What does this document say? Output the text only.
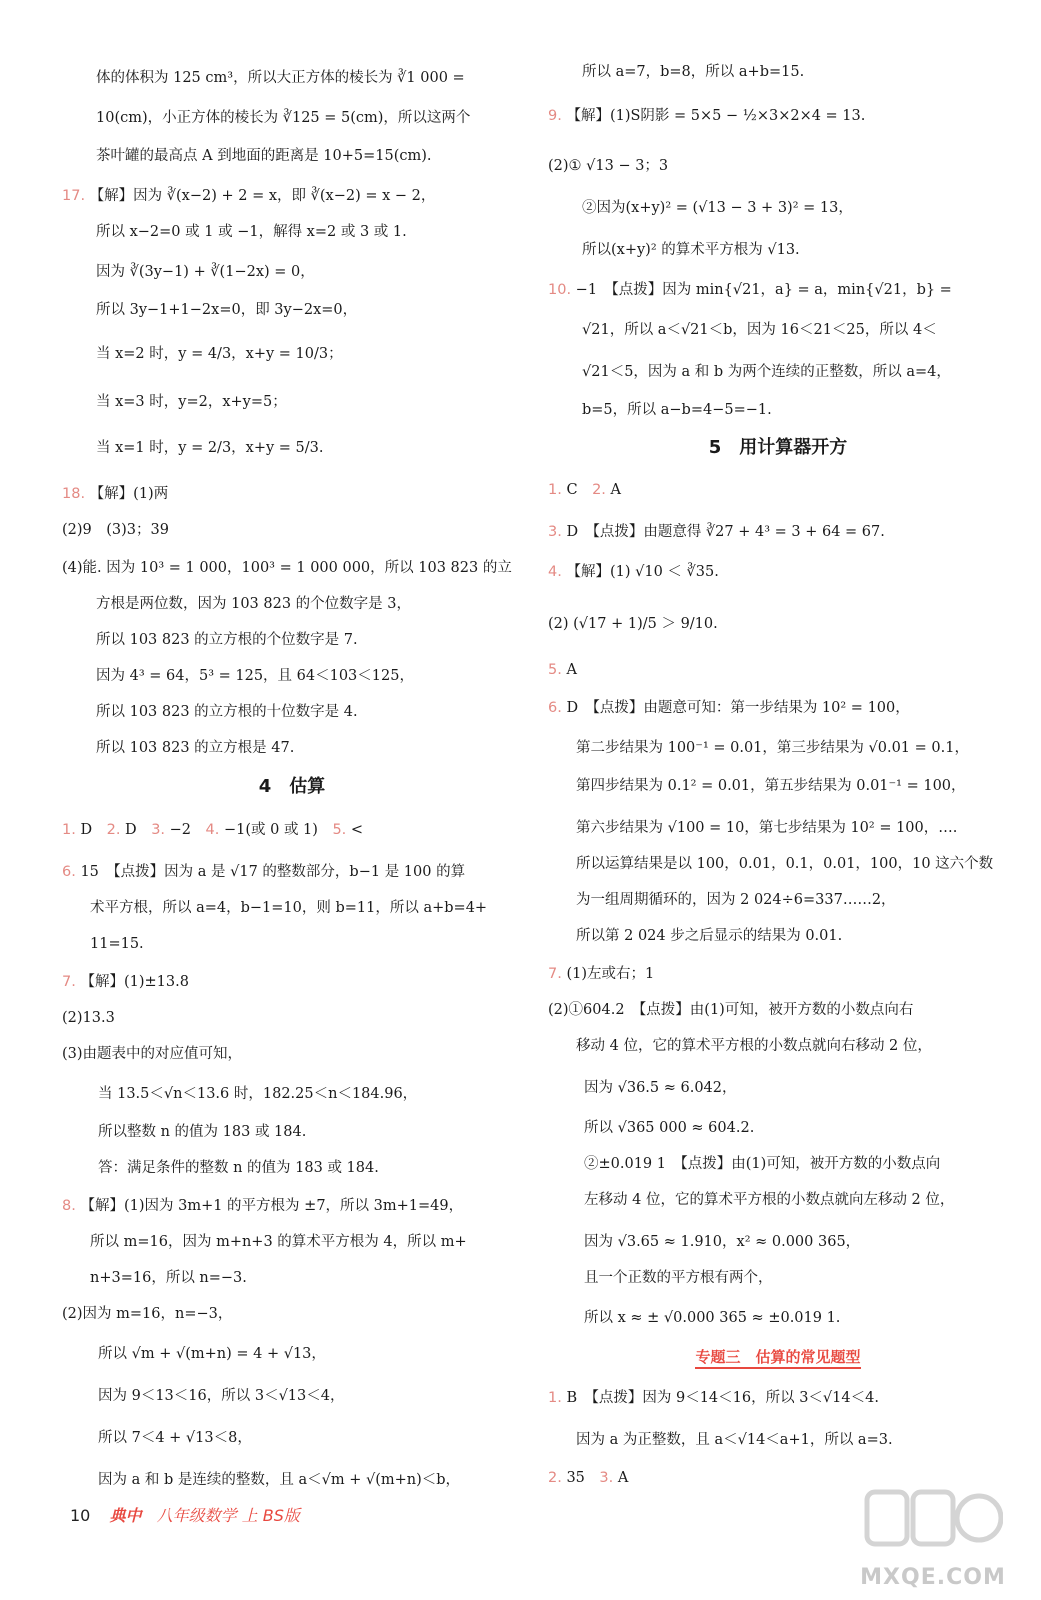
4　估算
体的体积为 125 cm³，所以大正方体的棱长为 ∛1 000 =
10(cm)，小正方体的棱长为 ∛125 = 5(cm)，所以这两个
茶叶罐的最高点 A 到地面的距离是 10+5=15(cm).
17. 【解】因为 ∛(x−2) + 2 = x，即 ∛(x−2) = x − 2，
所以 x−2=0 或 1 或 −1，解得 x=2 或 3 或 1.
因为 ∛(3y−1) + ∛(1−2x) = 0，
所以 3y−1+1−2x=0，即 3y−2x=0，
当 x=2 时，y = 4/3，x+y = 10/3；
当 x=3 时，y=2，x+y=5；
当 x=1 时，y = 2/3，x+y = 5/3.
18. 【解】(1)两
(2)9　(3)3；39
(4)能. 因为 10³ = 1 000，100³ = 1 000 000，所以 103 823 的立
方根是两位数，因为 103 823 的个位数字是 3，
所以 103 823 的立方根的个位数字是 7.
因为 4³ = 64，5³ = 125，且 64＜103＜125，
所以 103 823 的立方根的十位数字是 4.
所以 103 823 的立方根是 47.
1. D　2. D　3. −2　4. −1(或 0 或 1)　5. <
6. 15　【点拨】因为 a 是 √17 的整数部分，b−1 是 100 的算
术平方根，所以 a=4，b−1=10，则 b=11，所以 a+b=4+
11=15.
7. 【解】(1)±13.8
(2)13.3
(3)由题表中的对应值可知，
当 13.5＜√n＜13.6 时，182.25＜n＜184.96，
所以整数 n 的值为 183 或 184.
答：满足条件的整数 n 的值为 183 或 184.
8. 【解】(1)因为 3m+1 的平方根为 ±7，所以 3m+1=49，
所以 m=16，因为 m+n+3 的算术平方根为 4，所以 m+
n+3=16，所以 n=−3.
(2)因为 m=16，n=−3，
所以 √m + √(m+n) = 4 + √13，
因为 9＜13＜16，所以 3＜√13＜4，
所以 7＜4 + √13＜8，
因为 a 和 b 是连续的整数，且 a＜√m + √(m+n)＜b，
5　用计算器开方
专题三　估算的常见题型
所以 a=7，b=8，所以 a+b=15.
9. 【解】(1)S阴影 = 5×5 − ½×3×2×4 = 13.
(2)① √13 − 3；3
②因为(x+y)² = (√13 − 3 + 3)² = 13，
所以(x+y)² 的算术平方根为 √13.
10. −1　【点拨】因为 min{√21，a} = a，min{√21，b} =
√21，所以 a＜√21＜b，因为 16＜21＜25，所以 4＜
√21＜5，因为 a 和 b 为两个连续的正整数，所以 a=4，
b=5，所以 a−b=4−5=−1.
1. C　2. A
3. D　【点拨】由题意得 ∛27 + 4³ = 3 + 64 = 67.
4. 【解】(1) √10 ＜ ∛35.
(2) (√17 + 1)/5 ＞ 9/10.
5. A
6. D　【点拨】由题意可知：第一步结果为 10² = 100，
第二步结果为 100⁻¹ = 0.01，第三步结果为 √0.01 = 0.1，
第四步结果为 0.1² = 0.01，第五步结果为 0.01⁻¹ = 100，
第六步结果为 √100 = 10，第七步结果为 10² = 100，….
所以运算结果是以 100，0.01，0.1，0.01，100，10 这六个数
为一组周期循环的，因为 2 024÷6=337……2，
所以第 2 024 步之后显示的结果为 0.01.
7. (1)左或右；1
(2)①604.2　【点拨】由(1)可知，被开方数的小数点向右
移动 4 位，它的算术平方根的小数点就向右移动 2 位，
因为 √36.5 ≈ 6.042，
所以 √365 000 ≈ 604.2.
②±0.019 1　【点拨】由(1)可知，被开方数的小数点向
左移动 4 位，它的算术平方根的小数点就向左移动 2 位，
因为 √3.65 ≈ 1.910，x² ≈ 0.000 365，
且一个正数的平方根有两个，
所以 x ≈ ± √0.000 365 ≈ ±0.019 1.
1. B　【点拨】因为 9＜14＜16，所以 3＜√14＜4.
因为 a 为正整数，且 a＜√14＜a+1，所以 a=3.
2. 35　3. A
10 典中 八年级数学 上 BS版
MXQE.COM
